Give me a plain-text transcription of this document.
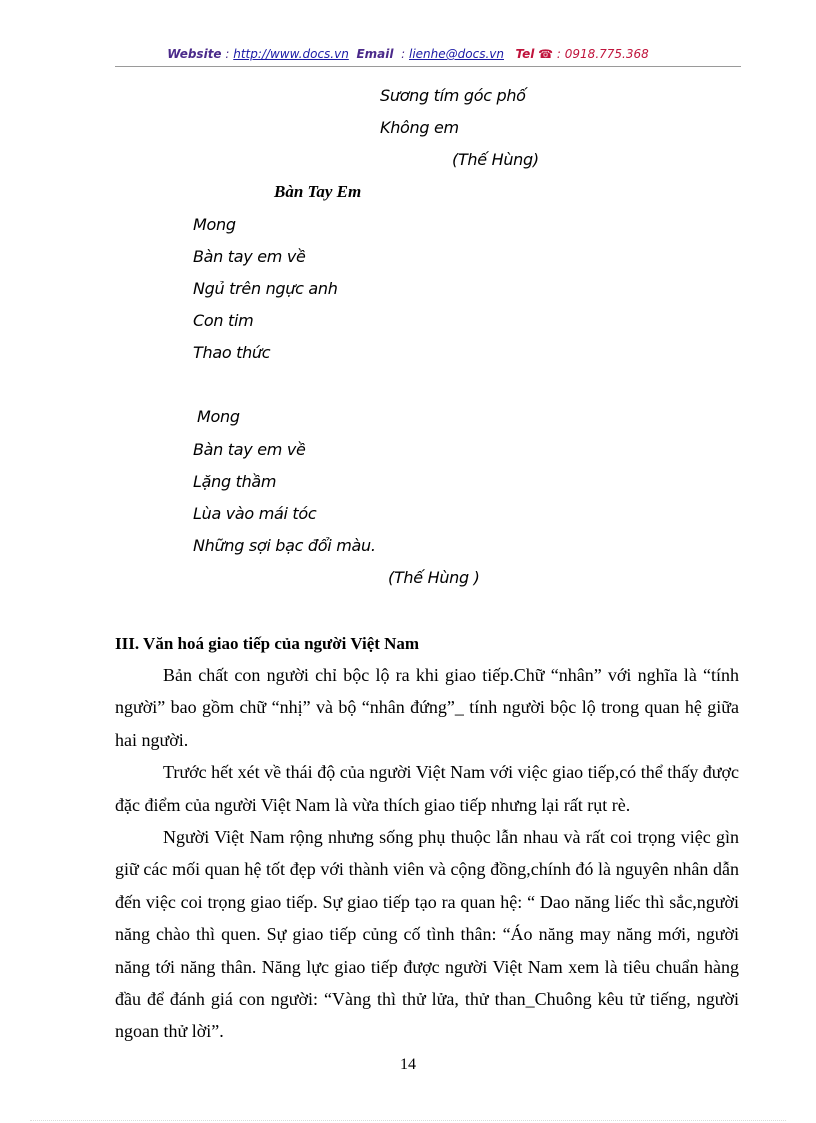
Website : http://www.docs.vn Email  : lienhe@docs.vn Tel ☎ : 0918.775.368
Sương tím góc phố
Không em
(Thế Hùng)
Bàn Tay Em
Mong
Bàn tay em về
Ngủ trên ngực anh
Con tim
Thao thức
Mong
Bàn tay em về
Lặng thầm
Lùa vào mái tóc
Những sợi bạc đổi màu.
(Thế Hùng )
III. Văn hoá giao tiếp của người Việt Nam

Bản chất con người chỉ bộc lộ ra khi giao tiếp.Chữ “nhân” với nghĩa là “tính người” bao gồm chữ “nhị” và bộ “nhân đứng”_ tính người bộc lộ trong quan hệ giữa hai người.

Trước hết xét về thái độ của người Việt Nam với việc giao tiếp,có thể thấy được đặc điểm của người Việt Nam là vừa thích giao tiếp nhưng lại rất rụt rè.

Người Việt Nam rộng nhưng sống phụ thuộc lẫn nhau và rất coi trọng việc gìn giữ các mối quan hệ tốt đẹp với thành viên và cộng đồng,chính đó là nguyên nhân dẫn đến việc coi trọng giao tiếp. Sự giao tiếp tạo ra quan hệ: “ Dao năng liếc thì sắc,người năng chào thì quen. Sự giao tiếp củng cố tình thân: “Áo năng may năng mới, người năng tới năng thân. Năng lực giao tiếp được người Việt Nam xem là tiêu chuẩn hàng đầu để đánh giá con người: “Vàng thì thử lửa, thử than_Chuông kêu tử tiếng, người ngoan thử lời”.

14
